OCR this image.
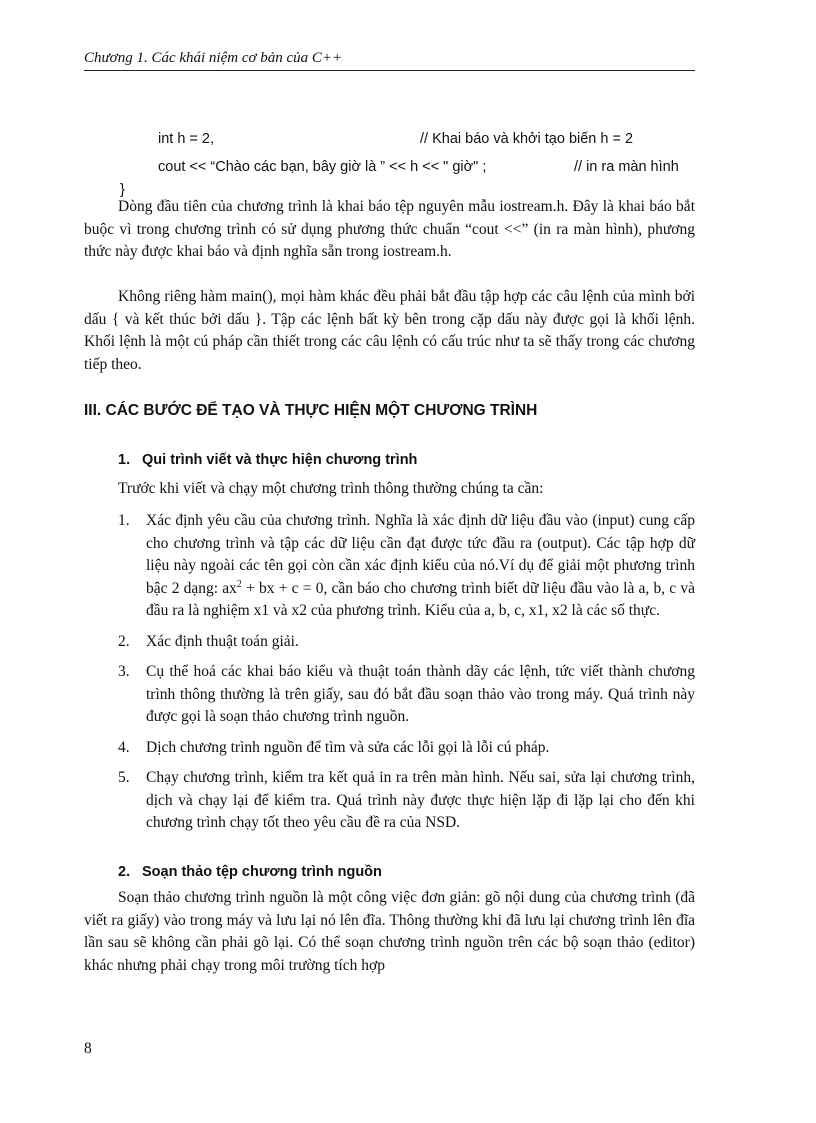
Chương 1. Các khái niệm cơ bản của C++
int h = 2,	// Khai báo và khởi tạo biến h = 2
cout << “Chào các bạn, bây giờ là ” << h << " giờ" ;	// in ra màn hình
}

Dòng đầu tiên của chương trình là khai báo tệp nguyên mẫu iostream.h. Đây là khai báo bắt buộc vì trong chương trình có sử dụng phương thức chuẩn “cout <<” (in ra màn hình), phương thức này được khai báo và định nghĩa sẵn trong iostream.h.

Không riêng hàm main(), mọi hàm khác đều phải bắt đầu tập hợp các câu lệnh của mình bởi dấu { và kết thúc bởi dấu }. Tập các lệnh bất kỳ bên trong cặp dấu này được gọi là khối lệnh. Khối lệnh là một cú pháp cần thiết trong các câu lệnh có cấu trúc như ta sẽ thấy trong các chương tiếp theo.

III. CÁC BƯỚC ĐỂ TẠO VÀ THỰC HIỆN MỘT CHƯƠNG TRÌNH
1. Qui trình viết và thực hiện chương trình

Trước khi viết và chạy một chương trình thông thường chúng ta cần:

1. Xác định yêu cầu của chương trình. Nghĩa là xác định dữ liệu đầu vào (input) cung cấp cho chương trình và tập các dữ liệu cần đạt được tức đầu ra (output). Các tập hợp dữ liệu này ngoài các tên gọi còn cần xác định kiểu của nó.Ví dụ để giải một phương trình bậc 2 dạng: $ax^2$ + bx + c = 0, cần báo cho chương trình biết dữ liệu đầu vào là a, b, c và đầu ra là nghiệm x1 và x2 của phương trình. Kiểu của a, b, c, x1, x2 là các số thực.
2. Xác định thuật toán giải.
3. Cụ thể hoá các khai báo kiểu và thuật toán thành dãy các lệnh, tức viết thành chương trình thông thường là trên giấy, sau đó bắt đầu soạn thảo vào trong máy. Quá trình này được gọi là soạn thảo chương trình nguồn.
4. Dịch chương trình nguồn để tìm và sửa các lỗi gọi là lỗi cú pháp.
5. Chạy chương trình, kiểm tra kết quả in ra trên màn hình. Nếu sai, sửa lại chương trình, dịch và chạy lại để kiểm tra. Quá trình này được thực hiện lặp đi lặp lại cho đến khi chương trình chạy tốt theo yêu cầu đề ra của NSD.
2. Soạn thảo tệp chương trình nguồn

Soạn thảo chương trình nguồn là một công việc đơn giản: gõ nội dung của chương trình (đã viết ra giấy) vào trong máy và lưu lại nó lên đĩa. Thông thường khi đã lưu lại chương trình lên đĩa lần sau sẽ không cần phải gõ lại. Có thể soạn chương trình nguồn trên các bộ soạn thảo (editor) khác nhưng phải chạy trong môi trường tích hợp

8
